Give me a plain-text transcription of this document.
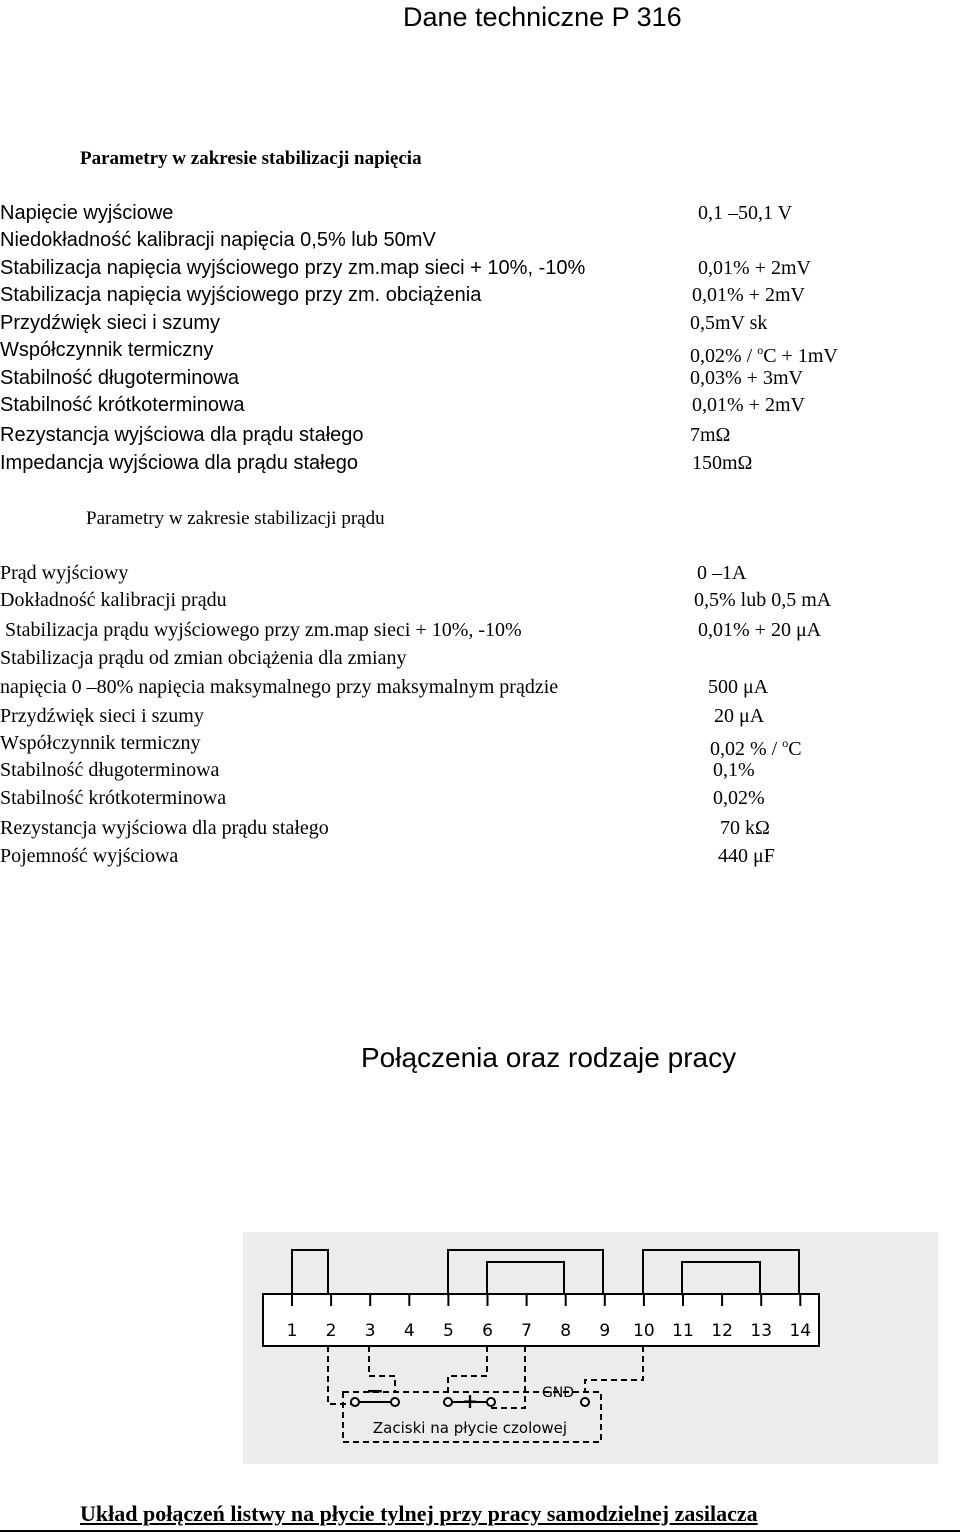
Dane techniczne P 316
Parametry w zakresie stabilizacji napięcia
Napięcie wyjściowe	0,1 –50,1 V
Niedokładność kalibracji napięcia 0,5% lub 50mV
Stabilizacja napięcia wyjściowego przy zm.map sieci + 10%, -10%	0,01% + 2mV
Stabilizacja napięcia wyjściowego przy zm. obciążenia	0,01% + 2mV
Przydźwięk sieci i szumy	0,5mV sk
Współczynnik termiczny	0,02% / $^o$C + 1mV
Stabilność długoterminowa	0,03% + 3mV
Stabilność krótkoterminowa	0,01% + 2mV
Rezystancja wyjściowa dla prądu stałego	7mΩ
Impedancja wyjściowa dla prądu stałego	150mΩ
Parametry w zakresie stabilizacji prądu
Prąd wyjściowy	0 –1A
Dokładność kalibracji prądu	0,5% lub 0,5 mA
Stabilizacja prądu wyjściowego przy zm.map sieci + 10%, -10%	0,01% + 20 μA
Stabilizacja prądu od zmian obciążenia dla zmiany
napięcia 0 –80% napięcia maksymalnego przy maksymalnym prądzie	500 μA
Przydźwięk sieci i szumy	20 μA
Współczynnik termiczny	0,02 % / $^o$C
Stabilność długoterminowa	0,1%
Stabilność krótkoterminowa	0,02%
Rezystancja wyjściowa dla prądu stałego	70 kΩ
Pojemność wyjściowa	440 μF
Połączenia oraz rodzaje pracy
1 2 3 4 5 6 7 8 9 10 11 12 13 14
−	+	GND
Zaciski na płycie czolowej
Układ połączeń listwy na płycie tylnej przy pracy samodzielnej zasilacza
